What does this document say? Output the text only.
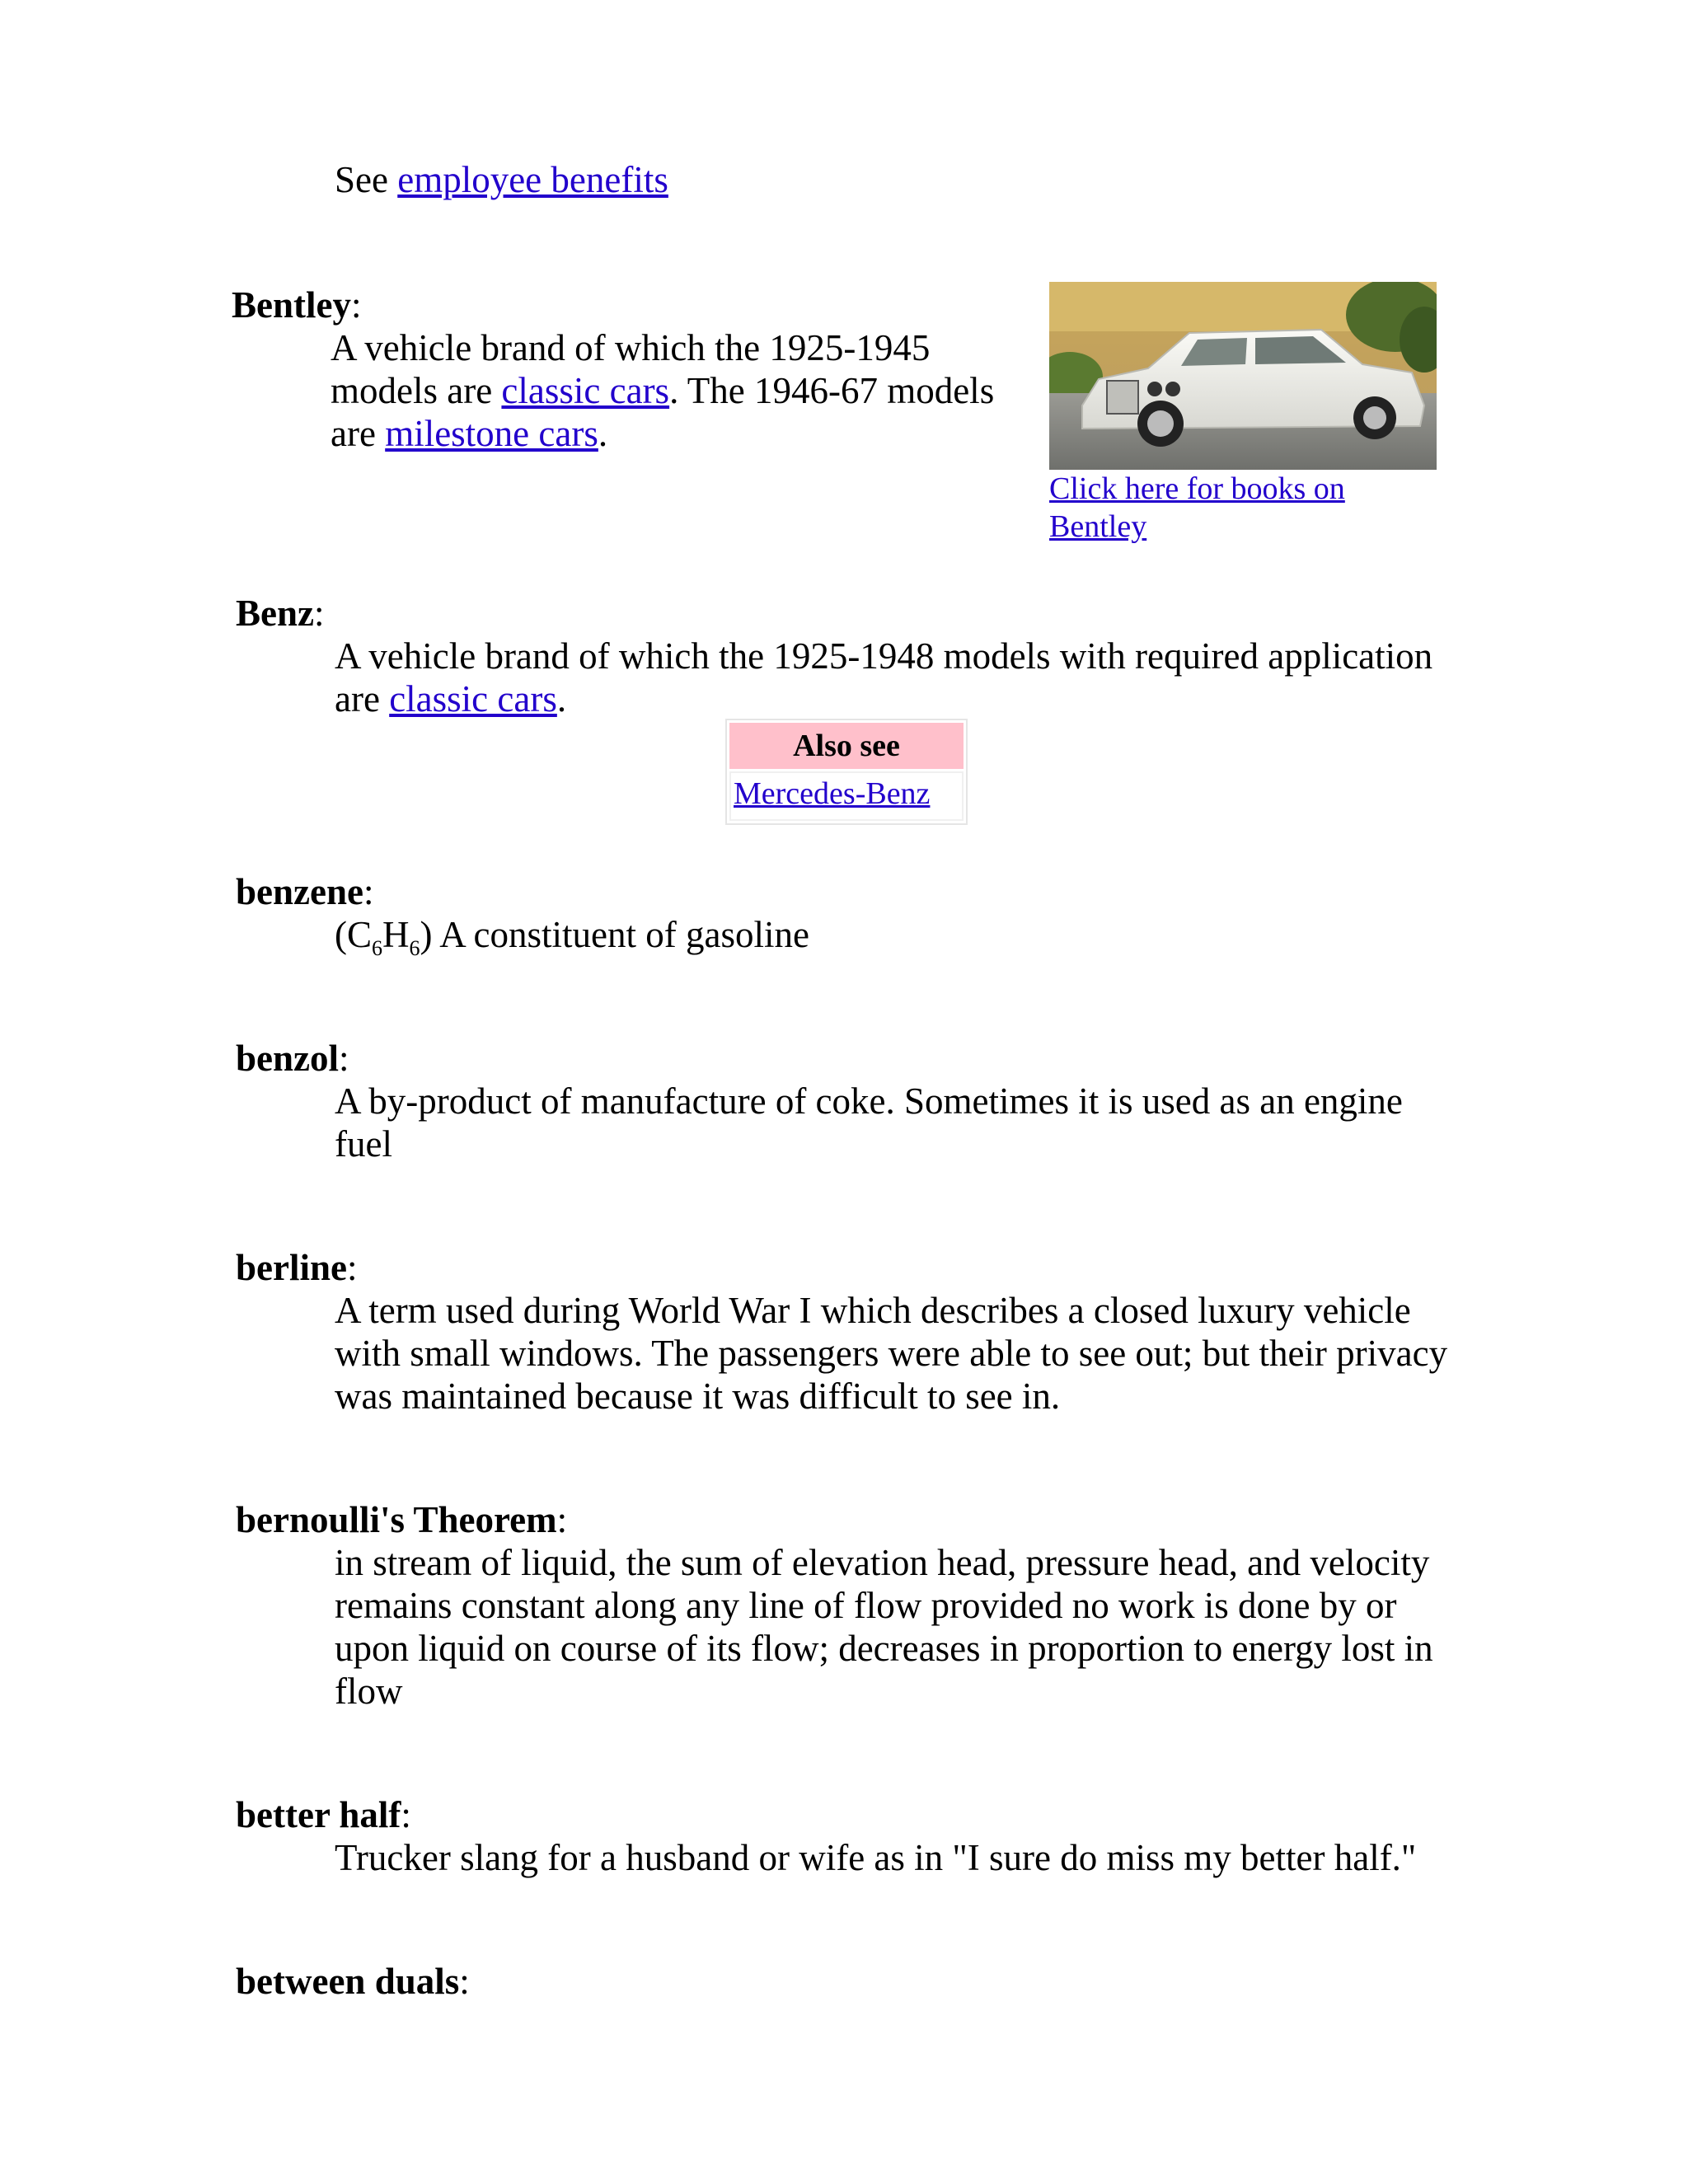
See employee benefits
Bentley:
A vehicle brand of which the 1925-1945
models are classic cars. The 1946-67 models
are milestone cars.
Click here for books on
Bentley
Benz:
A vehicle brand of which the 1925-1948 models with required application
are classic cars.
Also see
Mercedes-Benz
benzene:
$(C_6H_6)$ A constituent of gasoline
benzol:
A by-product of manufacture of coke. Sometimes it is used as an engine
fuel
berline:
A term used during World War I which describes a closed luxury vehicle
with small windows. The passengers were able to see out; but their privacy
was maintained because it was difficult to see in.
bernoulli's Theorem:
in stream of liquid, the sum of elevation head, pressure head, and velocity
remains constant along any line of flow provided no work is done by or
upon liquid on course of its flow; decreases in proportion to energy lost in
flow
better half:
Trucker slang for a husband or wife as in "I sure do miss my better half."
between duals:
